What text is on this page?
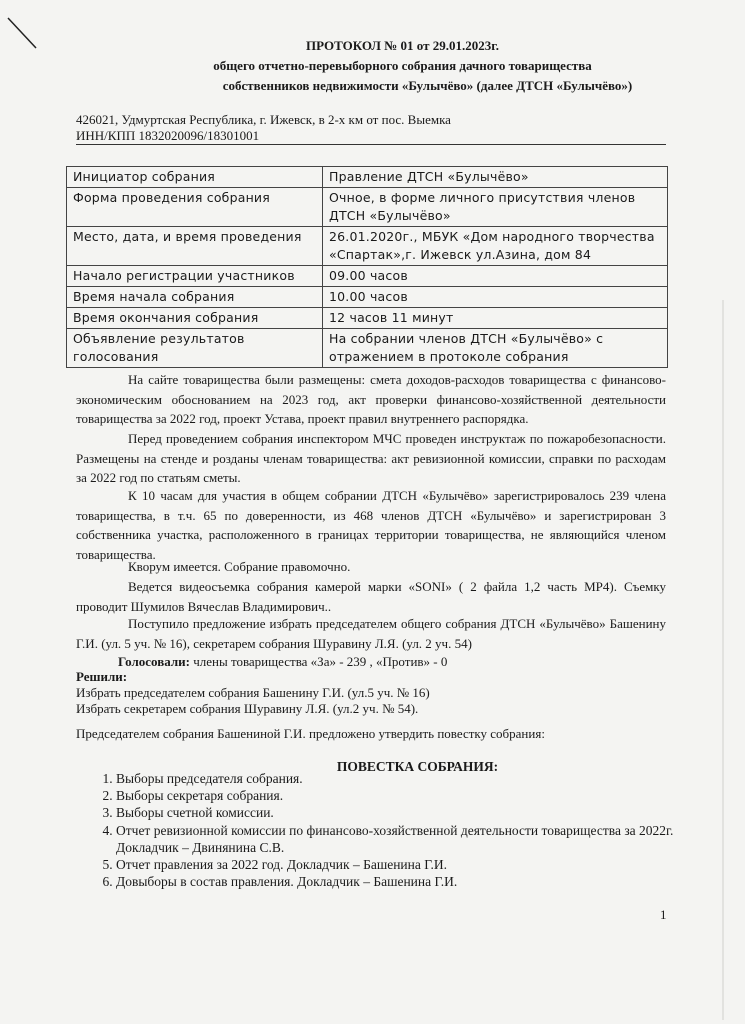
ПРОТОКОЛ № 01 от 29.01.2023г.
общего отчетно-перевыборного собрания дачного товарищества
собственников недвижимости «Булычёво» (далее ДТСН «Булычёво»)
426021, Удмуртская Республика, г. Ижевск, в 2-х км от пос. Выемка
ИНН/КПП 1832020096/18301001
Инициатор собрания	Правление ДТСН «Булычёво»
Форма проведения собрания	Очное, в форме личного присутствия членов ДТСН «Булычёво»
Место, дата, и время проведения	26.01.2020г., МБУК «Дом народного творчества «Спартак»,г. Ижевск ул.Азина, дом 84
Начало регистрации участников	09.00 часов
Время начала собрания	10.00 часов
Время окончания собрания	12 часов 11 минут
Объявление результатов голосования	На собрании членов ДТСН «Булычёво» с отражением в протоколе собрания
На сайте товарищества были размещены: смета доходов-расходов товарищества с финансово-экономическим обоснованием на 2023 год, акт проверки финансово-хозяйственной деятельности товарищества за 2022 год, проект Устава, проект правил внутреннего распорядка.
Перед проведением собрания инспектором МЧС проведен инструктаж по пожаробезопасности. Размещены на стенде и розданы членам товарищества: акт ревизионной комиссии, справки по расходам за 2022 год по статьям сметы.
К 10 часам для участия в общем собрании ДТСН «Булычёво» зарегистрировалось 239 члена товарищества, в т.ч. 65 по доверенности, из 468 членов ДТСН «Булычёво» и зарегистрирован 3 собственника участка, расположенного в границах территории товарищества, не являющийся членом товарищества.
Кворум имеется. Собрание правомочно.
Ведется видеосъемка собрания камерой марки «SONI» ( 2 файла 1,2 часть МР4). Съемку проводит Шумилов Вячеслав Владимирович..
Поступило предложение избрать председателем общего собрания ДТСН «Булычёво» Башенину Г.И. (ул. 5 уч. № 16), секретарем собрания Шуравину Л.Я. (ул. 2 уч. 54)
Голосовали: члены товарищества «За» - 239 , «Против» - 0
Решили:
Избрать председателем собрания Башенину Г.И. (ул.5 уч. № 16)
Избрать секретарем собрания Шуравину Л.Я. (ул.2 уч. № 54).
Председателем собрания Башениной Г.И. предложено утвердить повестку собрания:
ПОВЕСТКА СОБРАНИЯ:
1. Выборы председателя собрания.
2. Выборы секретаря собрания.
3. Выборы счетной комиссии.
4. Отчет ревизионной комиссии по финансово-хозяйственной деятельности товарищества за 2022г. Докладчик – Двинянина С.В.
5. Отчет правления за 2022 год. Докладчик – Башенина Г.И.
6. Довыборы в состав правления. Докладчик – Башенина Г.И.
1
